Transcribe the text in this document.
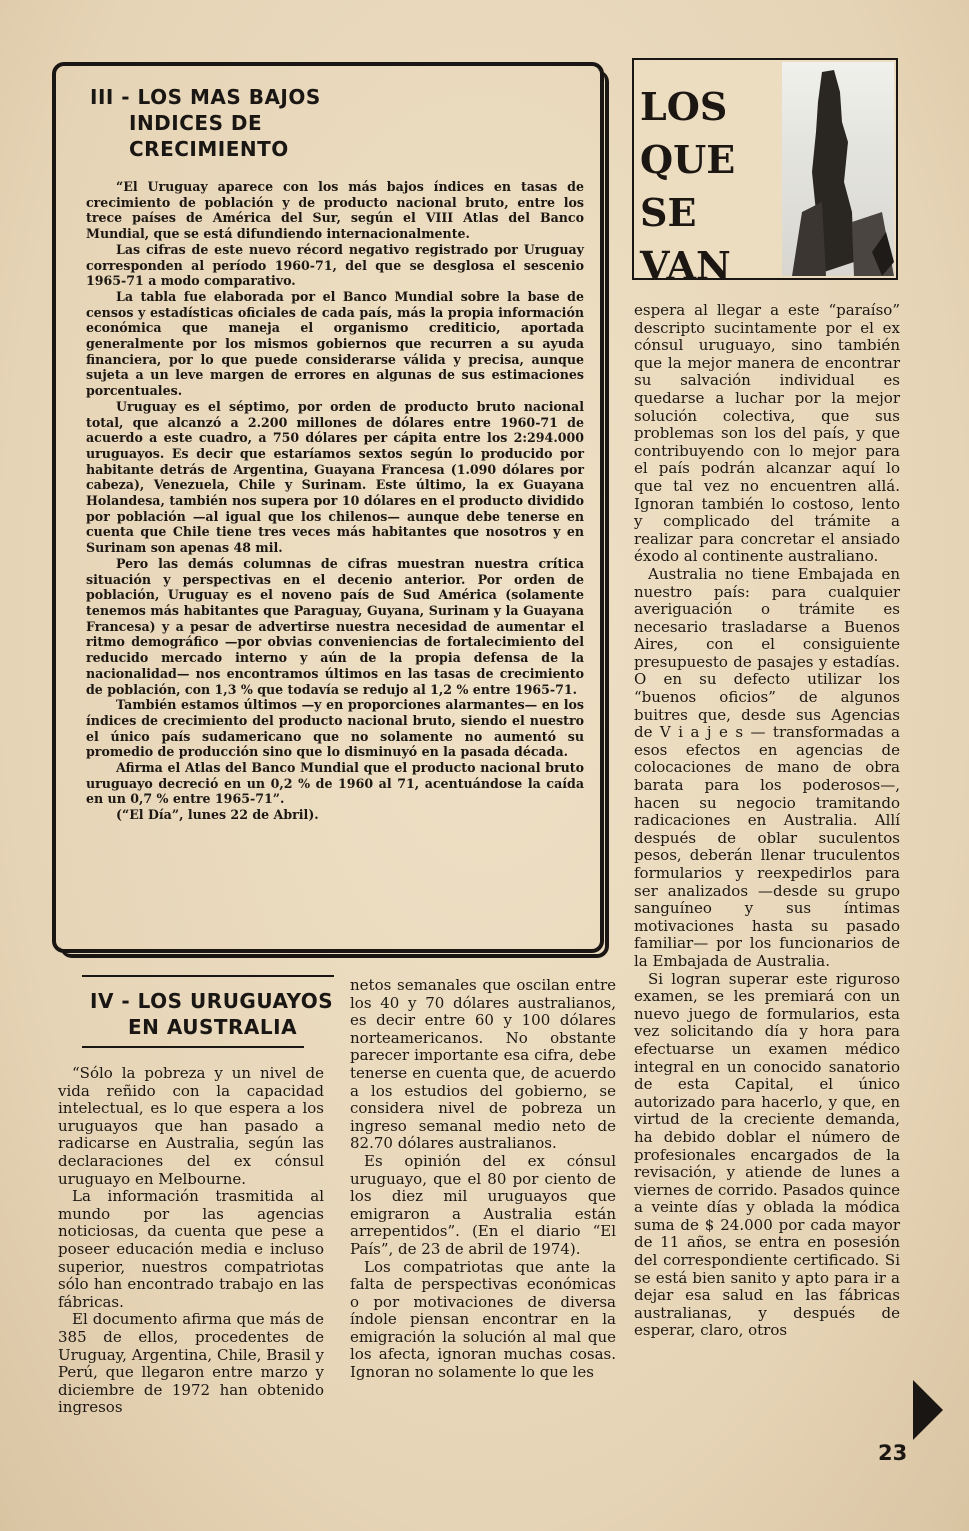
III - LOS MAS BAJOS
INDICES DE
CRECIMIENTO

“El Uruguay aparece con los más bajos índices en tasas de crecimiento de población y de producto nacional bruto, entre los trece países de América del Sur, según el VIII Atlas del Banco Mundial, que se está difundiendo internacionalmente.

Las cifras de este nuevo récord negativo registrado por Uruguay corresponden al período 1960-71, del que se desglosa el sescenio 1965-71 a modo comparativo.

La tabla fue elaborada por el Banco Mundial sobre la base de censos y estadísticas oficiales de cada país, más la propia información económica que maneja el organismo crediticio, aportada generalmente por los mismos gobiernos que recurren a su ayuda financiera, por lo que puede considerarse válida y precisa, aunque sujeta a un leve margen de errores en algunas de sus estimaciones porcentuales.

Uruguay es el séptimo, por orden de producto bruto nacional total, que alcanzó a 2.200 millones de dólares entre 1960-71 de acuerdo a este cuadro, a 750 dólares per cápita entre los 2:294.000 uruguayos. Es decir que estaríamos sextos según lo producido por habitante detrás de Argentina, Guayana Francesa (1.090 dólares por cabeza), Venezuela, Chile y Surinam. Este último, la ex Guayana Holandesa, también nos supera por 10 dólares en el producto dividido por población —al igual que los chilenos— aunque debe tenerse en cuenta que Chile tiene tres veces más habitantes que nosotros y en Surinam son apenas 48 mil.

Pero las demás columnas de cifras muestran nuestra crítica situación y perspectivas en el decenio anterior. Por orden de población, Uruguay es el noveno país de Sud América (solamente tenemos más habitantes que Paraguay, Guyana, Surinam y la Guayana Francesa) y a pesar de advertirse nuestra necesidad de aumentar el ritmo demográfico —por obvias conveniencias de fortalecimiento del reducido mercado interno y aún de la propia defensa de la nacionalidad— nos encontramos últimos en las tasas de crecimiento de población, con 1,3 % que todavía se redujo al 1,2 % entre 1965-71.

También estamos últimos —y en proporciones alarmantes— en los índices de crecimiento del producto nacional bruto, siendo el nuestro el único país sudamericano que no solamente no aumentó su promedio de producción sino que lo disminuyó en la pasada década.

Afirma el Atlas del Banco Mundial que el producto nacional bruto uruguayo decreció en un 0,2 % de 1960 al 71, acentuándose la caída en un 0,7 % entre 1965-71”.

(“El Día”, lunes 22 de Abril).

LOS
QUE
SE
VAN
IV - LOS URUGUAYOS
EN AUSTRALIA

“Sólo la pobreza y un nivel de vida reñido con la capacidad intelectual, es lo que espera a los uruguayos que han pasado a radicarse en Australia, según las declaraciones del ex cónsul uruguayo en Melbourne.

La información trasmitida al mundo por las agencias noticiosas, da cuenta que pese a poseer educación media e incluso superior, nuestros compatriotas sólo han encontrado trabajo en las fábricas.

El documento afirma que más de 385 de ellos, procedentes de Uruguay, Argentina, Chile, Brasil y Perú, que llegaron entre marzo y diciembre de 1972 han obtenido ingresos

netos semanales que oscilan entre los 40 y 70 dólares australianos, es decir entre 60 y 100 dólares norteamericanos. No obstante parecer importante esa cifra, debe tenerse en cuenta que, de acuerdo a los estudios del gobierno, se considera nivel de pobreza un ingreso semanal medio neto de 82.70 dólares australianos.

Es opinión del ex cónsul uruguayo, que el 80 por ciento de los diez mil uruguayos que emigraron a Australia están arrepentidos”. (En el diario “El País”, de 23 de abril de 1974).

Los compatriotas que ante la falta de perspectivas económicas o por motivaciones de diversa índole piensan encontrar en la emigración la solución al mal que los afecta, ignoran muchas cosas. Ignoran no solamente lo que les

espera al llegar a este “paraíso” descripto sucintamente por el ex cónsul uruguayo, sino también que la mejor manera de encontrar su salvación individual es quedarse a luchar por la mejor solución colectiva, que sus problemas son los del país, y que contribuyendo con lo mejor para el país podrán alcanzar aquí lo que tal vez no encuentren allá. Ignoran también lo costoso, lento y complicado del trámite a realizar para concretar el ansiado éxodo al continente australiano.

Australia no tiene Embajada en nuestro país: para cualquier averiguación o trámite es necesario trasladarse a Buenos Aires, con el consiguiente presupuesto de pasajes y estadías. O en su defecto utilizar los “buenos oficios” de algunos buitres que, desde sus Agencias de V i a j e s — transformadas a esos efectos en agencias de colocaciones de mano de obra barata para los poderosos—, hacen su negocio tramitando radicaciones en Australia. Allí después de oblar suculentos pesos, deberán llenar truculentos formularios y reexpedirlos para ser analizados —desde su grupo sanguíneo y sus íntimas motivaciones hasta su pasado familiar— por los funcionarios de la Embajada de Australia.

Si logran superar este riguroso examen, se les premiará con un nuevo juego de formularios, esta vez solicitando día y hora para efectuarse un examen médico integral en un conocido sanatorio de esta Capital, el único autorizado para hacerlo, y que, en virtud de la creciente demanda, ha debido doblar el número de profesionales encargados de la revisación, y atiende de lunes a viernes de corrido. Pasados quince a veinte días y oblada la módica suma de $ 24.000 por cada mayor de 11 años, se entra en posesión del correspondiente certificado. Si se está bien sanito y apto para ir a dejar esa salud en las fábricas australianas, y después de esperar, claro, otros

23
